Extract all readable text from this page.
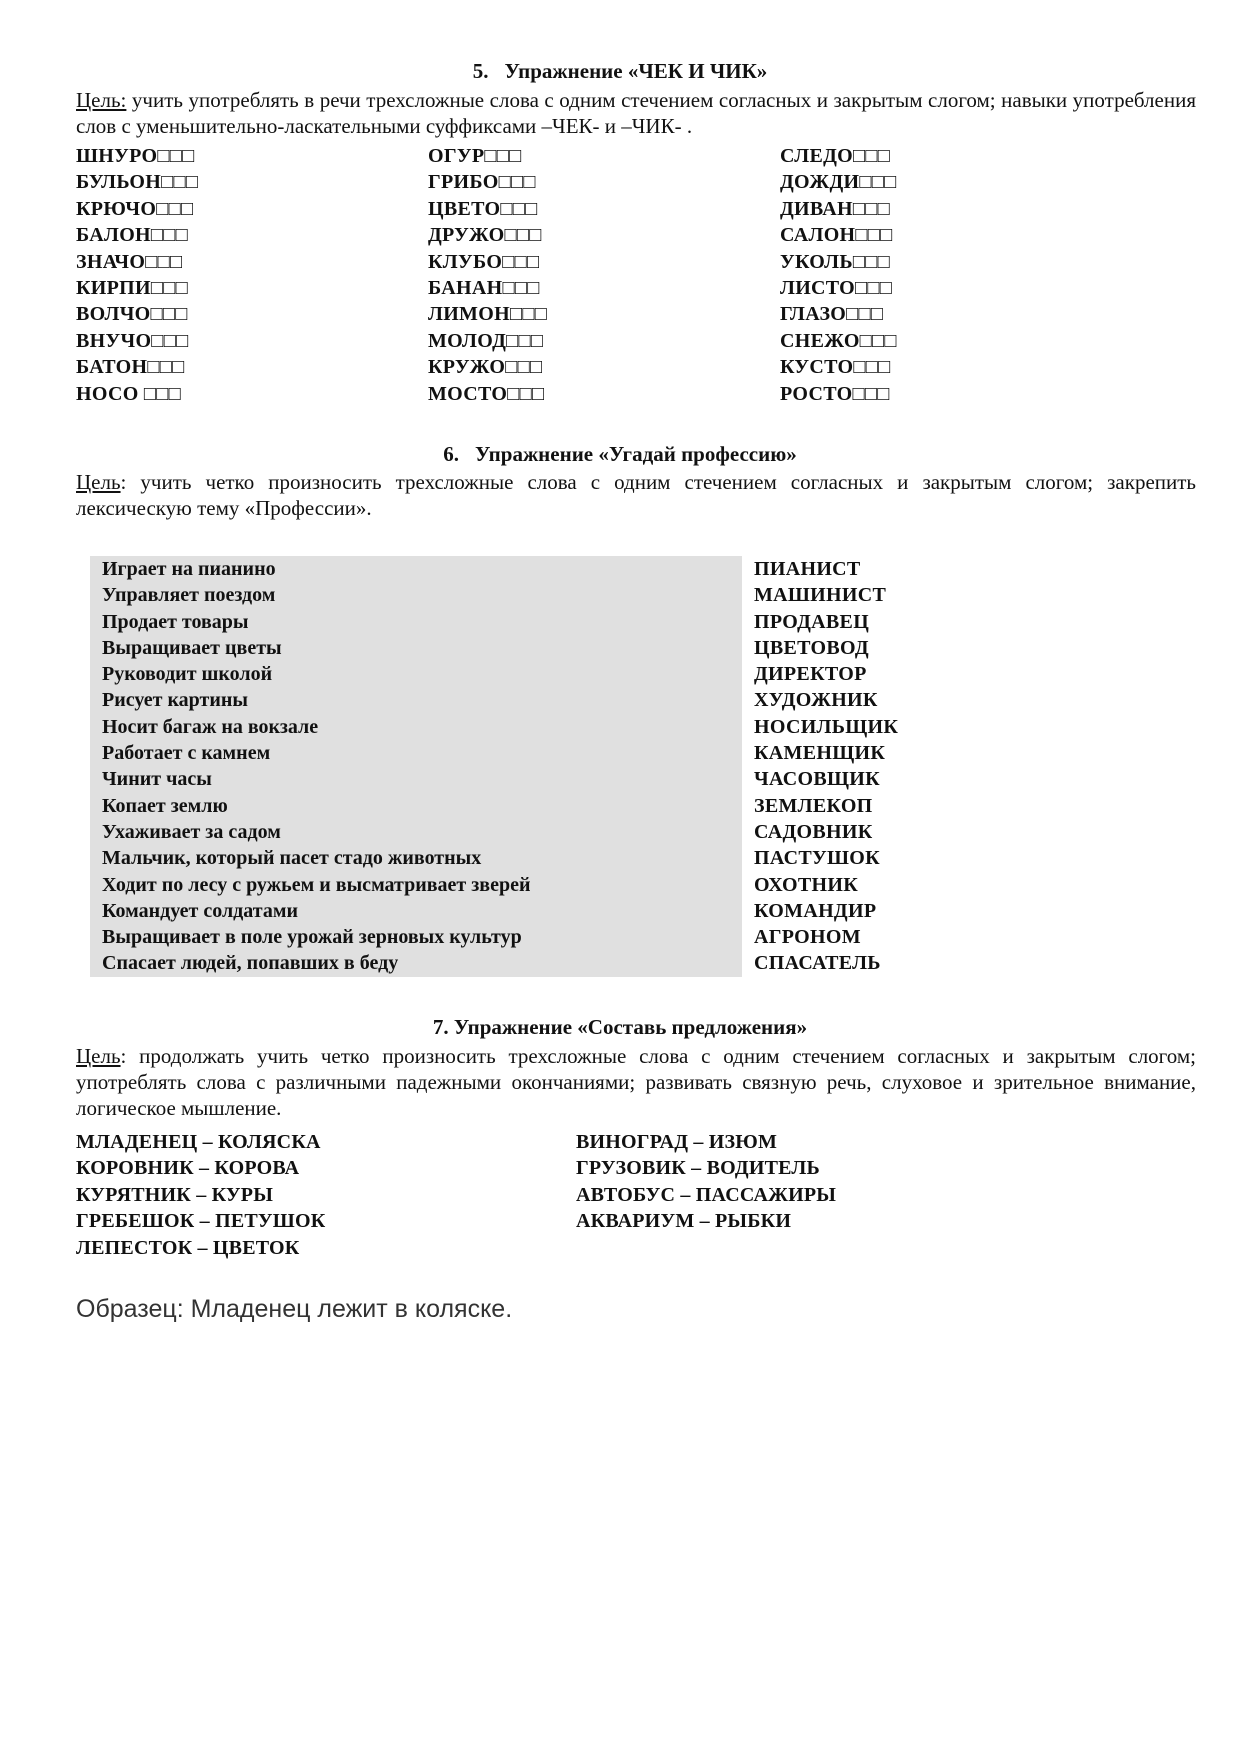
5. Упражнение «ЧЕК И ЧИК»

Цель: учить употреблять в речи трехсложные слова с одним стечением согласных и закрытым слогом; навыки употребления слов с уменьшительно-ласкательными суффиксами –ЧЕК- и –ЧИК- .

ШНУРО□□□	ОГУР□□□	СЛЕДО□□□
БУЛЬОН□□□	ГРИБО□□□	ДОЖДИ□□□
КРЮЧО□□□	ЦВЕТО□□□	ДИВАН□□□
БАЛОН□□□	ДРУЖО□□□	САЛОН□□□
ЗНАЧО□□□	КЛУБО□□□	УКОЛЬ□□□
КИРПИ□□□	БАНАН□□□	ЛИСТО□□□
ВОЛЧО□□□	ЛИМОН□□□	ГЛАЗО□□□
ВНУЧО□□□	МОЛОД□□□	СНЕЖО□□□
БАТОН□□□	КРУЖО□□□	КУСТО□□□
НОСО □□□	МОСТО□□□	РОСТО□□□
6. Упражнение «Угадай профессию»

Цель: учить четко произносить трехсложные слова с одним стечением согласных и закрытым слогом; закрепить лексическую тему «Профессии».

Играет на пианино	ПИАНИСТ
Управляет поездом	МАШИНИСТ
Продает товары	ПРОДАВЕЦ
Выращивает цветы	ЦВЕТОВОД
Руководит школой	ДИРЕКТОР
Рисует картины	ХУДОЖНИК
Носит багаж на вокзале	НОСИЛЬЩИК
Работает с камнем	КАМЕНЩИК
Чинит часы	ЧАСОВЩИК
Копает землю	ЗЕМЛЕКОП
Ухаживает за садом	САДОВНИК
Мальчик, который пасет стадо животных	ПАСТУШОК
Ходит по лесу с ружьем и высматривает зверей	ОХОТНИК
Командует солдатами	КОМАНДИР
Выращивает в поле урожай зерновых культур	АГРОНОМ
Спасает людей, попавших в беду	СПАСАТЕЛЬ
7. Упражнение «Составь предложения»

Цель: продолжать учить четко произносить трехсложные слова с одним стечением согласных и закрытым слогом; употреблять слова с различными падежными окончаниями; развивать связную речь, слуховое и зрительное внимание, логическое мышление.

МЛАДЕНЕЦ – КОЛЯСКА	ВИНОГРАД – ИЗЮМ
КОРОВНИК – КОРОВА	ГРУЗОВИК – ВОДИТЕЛЬ
КУРЯТНИК – КУРЫ	АВТОБУС – ПАССАЖИРЫ
ГРЕБЕШОК – ПЕТУШОК	АКВАРИУМ – РЫБКИ
ЛЕПЕСТОК – ЦВЕТОК

Образец: Младенец лежит в коляске.
